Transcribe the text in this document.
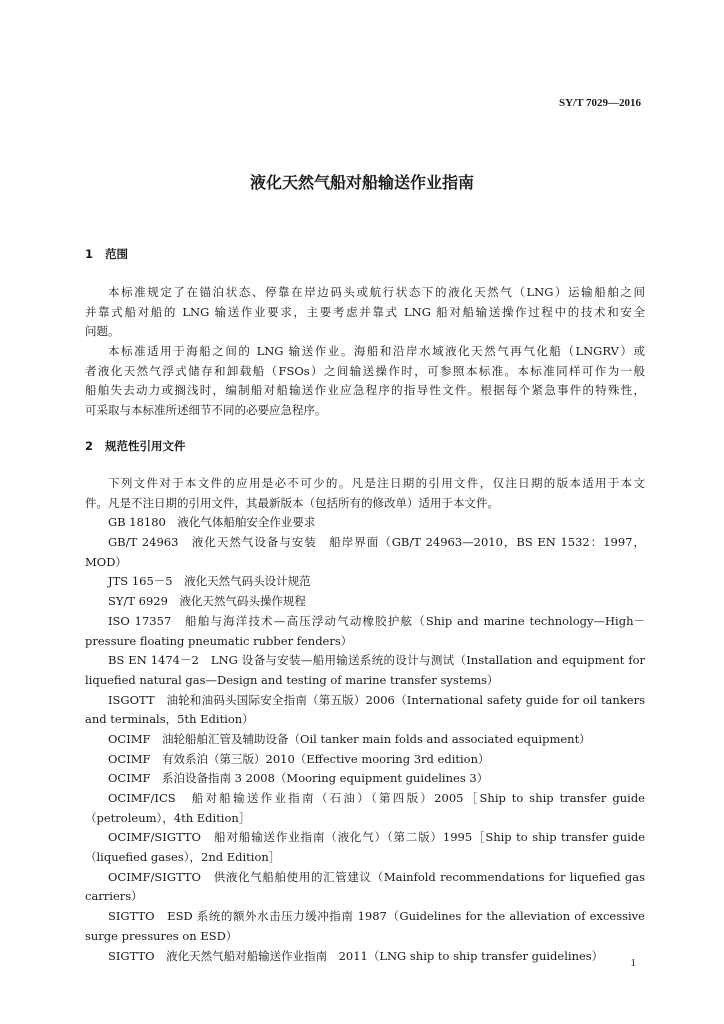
SY/T 7029—2016
液化天然气船对船输送作业指南
1 范围
本标准规定了在锚泊状态、停靠在岸边码头或航行状态下的液化天然气（LNG）运输船舶之间
并靠式船对船的 LNG 输送作业要求，主要考虑并靠式 LNG 船对船输送操作过程中的技术和安全
问题。
本标准适用于海船之间的 LNG 输送作业。海船和沿岸水域液化天然气再气化船（LNGRV）或
者液化天然气浮式储存和卸载船（FSOs）之间输送操作时，可参照本标准。本标准同样可作为一般
船舶失去动力或搁浅时，编制船对船输送作业应急程序的指导性文件。根据每个紧急事件的特殊性，
可采取与本标准所述细节不同的必要应急程序。
2 规范性引用文件
下列文件对于本文件的应用是必不可少的。凡是注日期的引用文件，仅注日期的版本适用于本文
件。凡是不注日期的引用文件，其最新版本（包括所有的修改单）适用于本文件。
GB 18180　液化气体船舶安全作业要求
GB/T 24963　液化天然气设备与安装　船岸界面（GB/T 24963—2010，BS EN 1532：1997，
MOD）
JTS 165－5　液化天然气码头设计规范
SY/T 6929　液化天然气码头操作规程
ISO 17357　船舶与海洋技术—高压浮动气动橡胶护舷（Ship and marine technology—High－
pressure floating pneumatic rubber fenders）
BS EN 1474－2　LNG 设备与安装—船用输送系统的设计与测试（Installation and equipment for
liquefied natural gas—Design and testing of marine transfer systems）
ISGOTT　油轮和油码头国际安全指南（第五版）2006（International safety guide for oil tankers
and terminals，5th Edition）
OCIMF　油轮船舶汇管及辅助设备（Oil tanker main folds and associated equipment）
OCIMF　有效系泊（第三版）2010（Effective mooring 3rd edition）
OCIMF　系泊设备指南 3 2008（Mooring equipment guidelines 3）
OCIMF/ICS　船对船输送作业指南（石油）（第四版）2005［Ship to ship transfer guide
（petroleum），4th Edition］
OCIMF/SIGTTO　船对船输送作业指南（液化气）（第二版）1995［Ship to ship transfer guide
（liquefied gases），2nd Edition］
OCIMF/SIGTTO　供液化气船舶使用的汇管建议（Mainfold recommendations for liquefied gas
carriers）
SIGTTO　ESD 系统的额外水击压力缓冲指南 1987（Guidelines for the alleviation of excessive
surge pressures on ESD）
SIGTTO　液化天然气船对船输送作业指南　2011（LNG ship to ship transfer guidelines）
1
